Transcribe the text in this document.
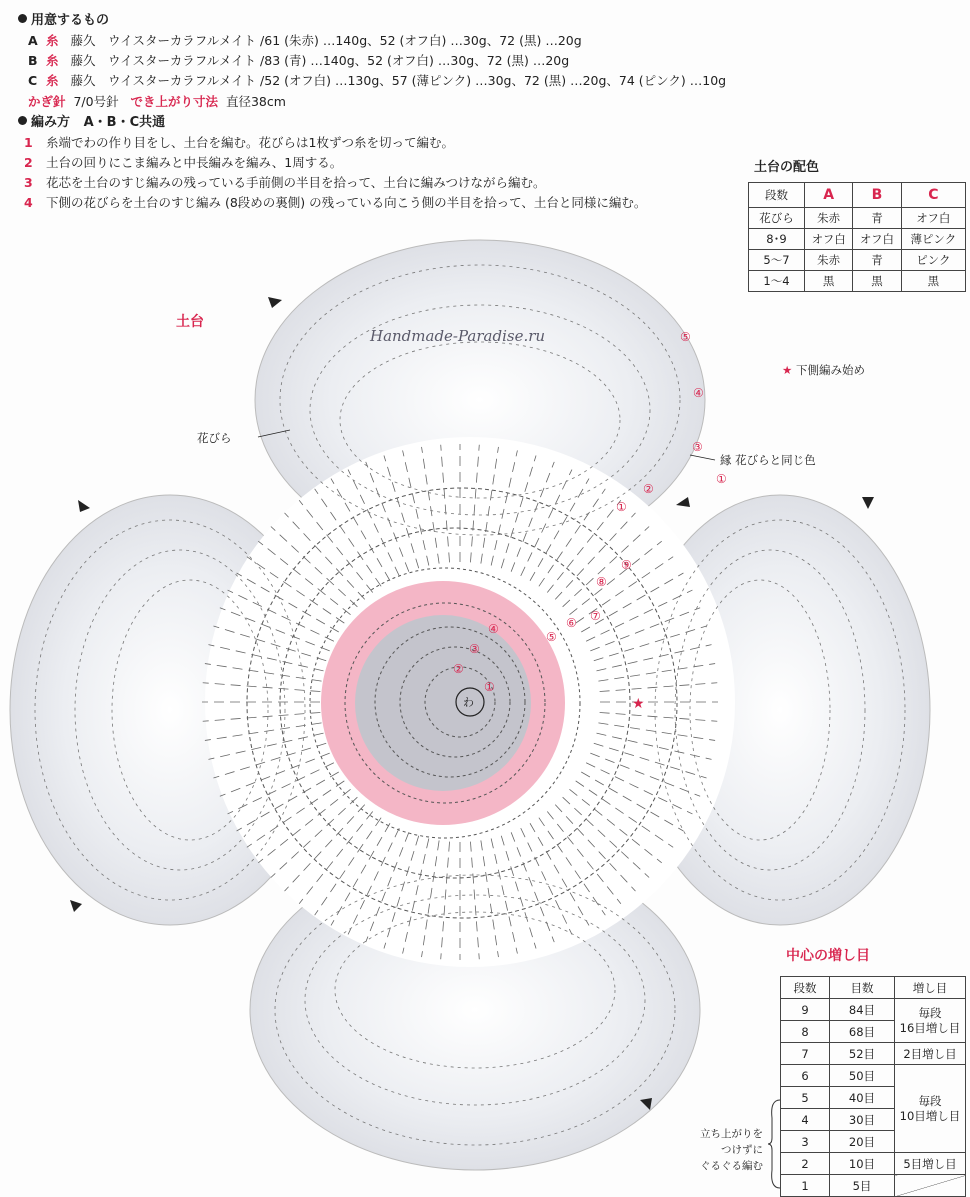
用意するもの
A 糸 藤久　ウイスターカラフルメイト /61 (朱赤) …140g、52 (オフ白) …30g、72 (黒) …20g
B 糸 藤久　ウイスターカラフルメイト /83 (青) …140g、52 (オフ白) …30g、72 (黒) …20g
C 糸 藤久　ウイスターカラフルメイト /52 (オフ白) …130g、57 (薄ピンク) …30g、72 (黒) …20g、74 (ピンク) …10g
かぎ針 7/0号針 でき上がり寸法 直径38cm
編み方 A・B・C共通
1 糸端でわの作り目をし、土台を編む。花びらは1枚ずつ糸を切って編む。
2 土台の回りにこま編みと中長編みを編み、1周する。
3 花芯を土台のすじ編みの残っている手前側の半目を拾って、土台に編みつけながら編む。
4 下側の花びらを土台のすじ編み (8段めの裏側) の残っている向こう側の半目を拾って、土台と同様に編む。
土台の配色
段数	A	B	C
花びら	朱赤	青	オフ白
8･9	オフ白	オフ白	薄ピンク
5〜7	朱赤	青	ピンク
1〜4	黒	黒	黒
★
⑤
④
③
②
①
①
⑨
⑧
⑦
⑥
⑤
④
③
②
①
わ
土台
花びら
縁 花びらと同じ色
★ 下側編み始め
Handmade-Paradise.ru
中心の増し目
段数	目数	増し目
9	84目	毎段
16目増し目
8	68目	
7	52目	2目増し目
6	50目	毎段
10目増し目
5	40目	
4	30目	
3	20目	
2	10目	5目増し目
1	5目	
立ち上がりを
つけずに
ぐるぐる編む
